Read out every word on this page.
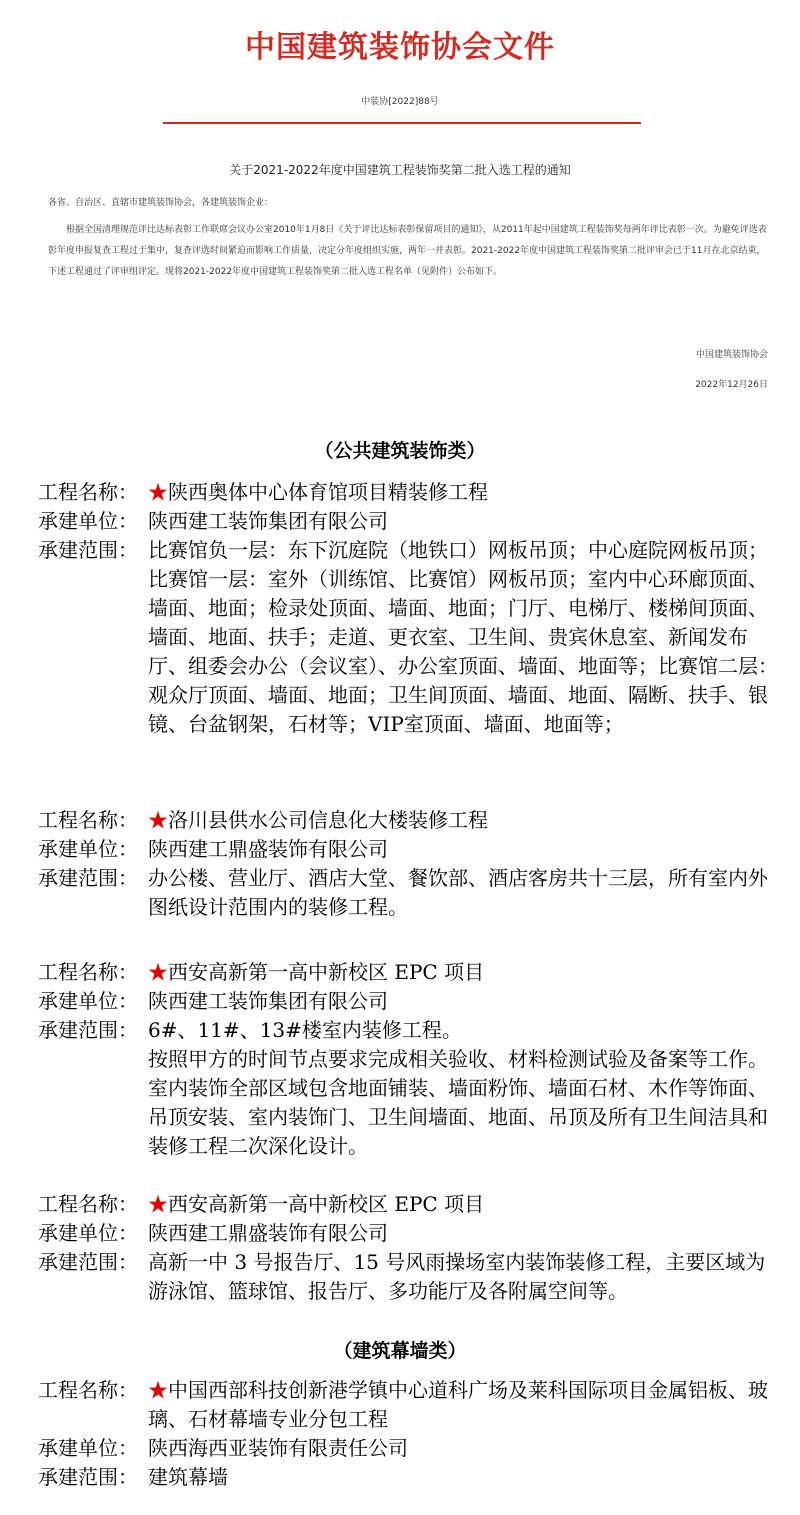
中国建筑装饰协会文件
中装协[2022]88号
关于2021-2022年度中国建筑工程装饰奖第二批入选工程的通知
各省、自治区、直辖市建筑装饰协会，各建筑装饰企业：
根据全国清理规范评比达标表彰工作联席会议办公室2010年1月8日《关于评比达标表彰保留项目的通知》，从2011年起中国建筑工程装饰奖每两年评比表彰一次。为避免评选表彰年度申报复查工程过于集中，复查评选时间紧迫而影响工作质量，决定分年度组织实施，两年一并表彰。2021-2022年度中国建筑工程装饰奖第二批评审会已于11月在北京结束，下述工程通过了评审组评定。现将2021-2022年度中国建筑工程装饰奖第二批入选工程名单（见附件）公布如下。
中国建筑装饰协会
2022年12月26日
（公共建筑装饰类）
工程名称： ★陕西奥体中心体育馆项目精装修工程
承建单位： 陕西建工装饰集团有限公司
承建范围： 比赛馆负一层：东下沉庭院（地铁口）网板吊顶；中心庭院网板吊顶；比赛馆一层：室外（训练馆、比赛馆）网板吊顶；室内中心环廊顶面、墙面、地面；检录处顶面、墙面、地面；门厅、电梯厅、楼梯间顶面、墙面、地面、扶手；走道、更衣室、卫生间、贵宾休息室、新闻发布厅、组委会办公（会议室）、办公室顶面、墙面、地面等；比赛馆二层：观众厅顶面、墙面、地面；卫生间顶面、墙面、地面、隔断、扶手、银镜、台盆钢架，石材等；VIP室顶面、墙面、地面等；
工程名称： ★洛川县供水公司信息化大楼装修工程
承建单位： 陕西建工鼎盛装饰有限公司
承建范围： 办公楼、营业厅、酒店大堂、餐饮部、酒店客房共十三层，所有室内外图纸设计范围内的装修工程。
工程名称： ★西安高新第一高中新校区 EPC 项目
承建单位： 陕西建工装饰集团有限公司
承建范围： 6#、11#、13#楼室内装修工程。
按照甲方的时间节点要求完成相关验收、材料检测试验及备案等工作。室内装饰全部区域包含地面铺装、墙面粉饰、墙面石材、木作等饰面、吊顶安装、室内装饰门、卫生间墙面、地面、吊顶及所有卫生间洁具和装修工程二次深化设计。
工程名称： ★西安高新第一高中新校区 EPC 项目
承建单位： 陕西建工鼎盛装饰有限公司
承建范围： 高新一中 3 号报告厅、15 号风雨操场室内装饰装修工程，主要区域为游泳馆、篮球馆、报告厅、多功能厅及各附属空间等。
（建筑幕墙类）
工程名称： ★中国西部科技创新港学镇中心道科广场及莱科国际项目金属铝板、玻璃、石材幕墙专业分包工程
承建单位： 陕西海西亚装饰有限责任公司
承建范围： 建筑幕墙
